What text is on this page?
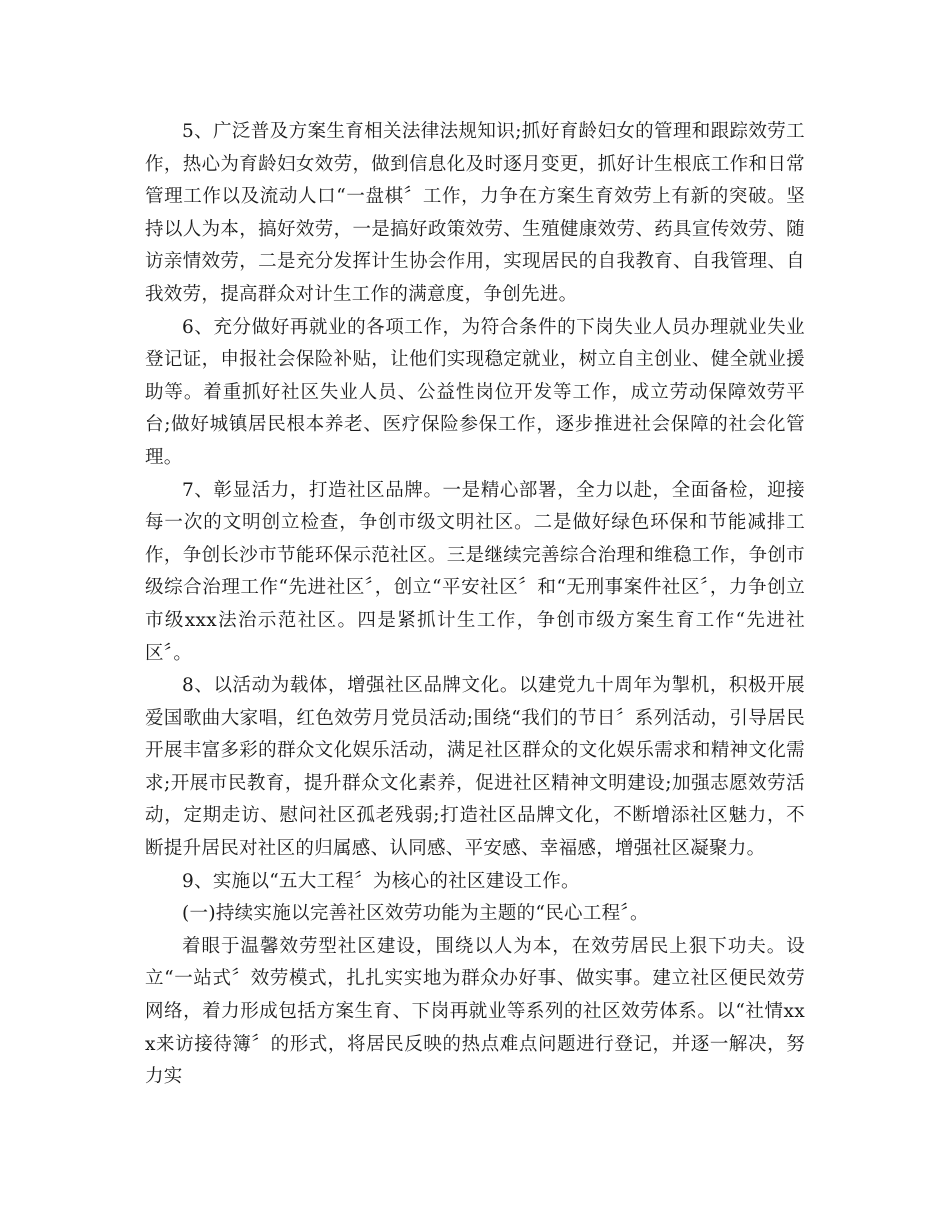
5、广泛普及方案生育相关法律法规知识;抓好育龄妇女的管理和跟踪效劳工作，热心为育龄妇女效劳，做到信息化及时逐月变更，抓好计生根底工作和日常管理工作以及流动人口“一盘棋〞工作，力争在方案生育效劳上有新的突破。坚持以人为本，搞好效劳，一是搞好政策效劳、生殖健康效劳、药具宣传效劳、随访亲情效劳，二是充分发挥计生协会作用，实现居民的自我教育、自我管理、自我效劳，提高群众对计生工作的满意度，争创先进。

6、充分做好再就业的各项工作，为符合条件的下岗失业人员办理就业失业登记证，申报社会保险补贴，让他们实现稳定就业，树立自主创业、健全就业援助等。着重抓好社区失业人员、公益性岗位开发等工作，成立劳动保障效劳平台;做好城镇居民根本养老、医疗保险参保工作，逐步推进社会保障的社会化管理。

7、彰显活力，打造社区品牌。一是精心部署，全力以赴，全面备检，迎接每一次的文明创立检查，争创市级文明社区。二是做好绿色环保和节能减排工作，争创长沙市节能环保示范社区。三是继续完善综合治理和维稳工作，争创市级综合治理工作“先进社区〞，创立“平安社区〞和“无刑事案件社区〞，力争创立市级xxx法治示范社区。四是紧抓计生工作，争创市级方案生育工作“先进社区〞。

8、以活动为载体，增强社区品牌文化。以建党九十周年为掣机，积极开展爱国歌曲大家唱，红色效劳月党员活动;围绕“我们的节日〞系列活动，引导居民开展丰富多彩的群众文化娱乐活动，满足社区群众的文化娱乐需求和精神文化需求;开展市民教育，提升群众文化素养，促进社区精神文明建设;加强志愿效劳活动，定期走访、慰问社区孤老残弱;打造社区品牌文化，不断增添社区魅力，不断提升居民对社区的归属感、认同感、平安感、幸福感，增强社区凝聚力。

9、实施以“五大工程〞为核心的社区建设工作。

(一)持续实施以完善社区效劳功能为主题的“民心工程〞。

着眼于温馨效劳型社区建设，围绕以人为本，在效劳居民上狠下功夫。设立“一站式〞效劳模式，扎扎实实地为群众办好事、做实事。建立社区便民效劳网络，着力形成包括方案生育、下岗再就业等系列的社区效劳体系。以“社情xxx来访接待簿〞的形式，将居民反映的热点难点问题进行登记，并逐一解决，努力实
